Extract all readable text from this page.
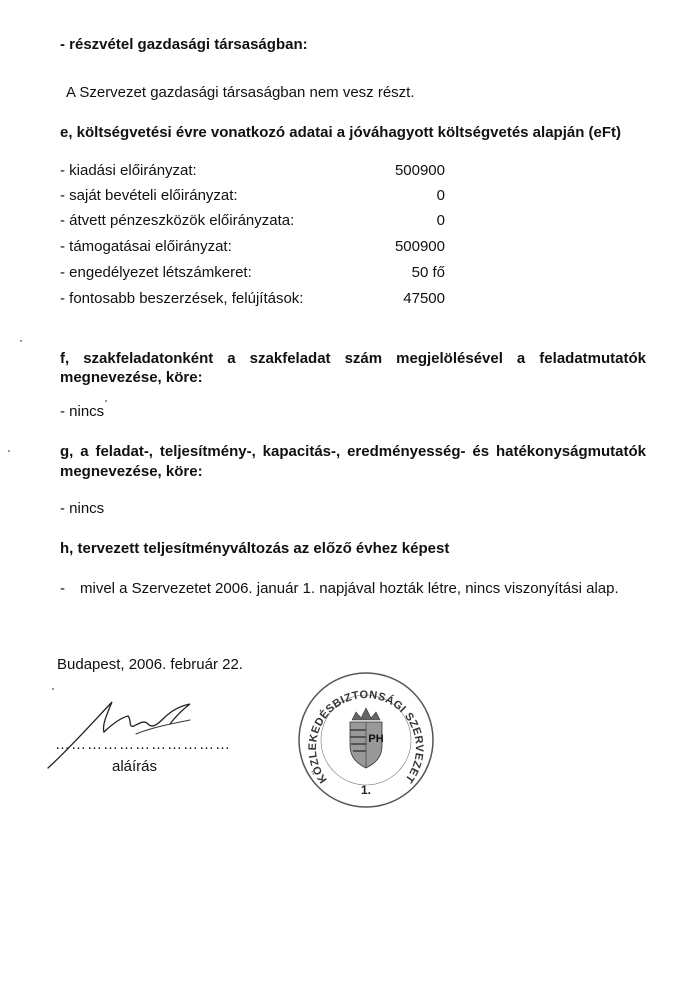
- részvétel gazdasági társaságban:
A Szervezet gazdasági társaságban nem vesz részt.
e, költségvetési évre vonatkozó adatai a jóváhagyott költségvetés alapján (eFt)
- kiadási előirányzat:	500900
- saját bevételi előirányzat:	0
- átvett pénzeszközök előirányzata:	0
- támogatásai előirányzat:	500900
- engedélyezet létszámkeret:	50 fő
- fontosabb beszerzések, felújítások:	47500
f, szakfeladatonként a szakfeladat szám megjelölésével a feladatmutatók
megnevezése, köre:
- nincs
g, a feladat-, teljesítmény-, kapacitás-, eredményesség- és hatékonyságmutatók
megnevezése, köre:
- nincs
h, tervezett teljesítményváltozás az előző évhez képest
- mivel a Szervezetet 2006. január 1. napjával hozták létre, nincs viszonyítási alap.
Budapest, 2006. február 22.
……………………………
aláírás
KÖZLEKEDÉSBIZTONSÁGI SZERVEZET
PH
1.
